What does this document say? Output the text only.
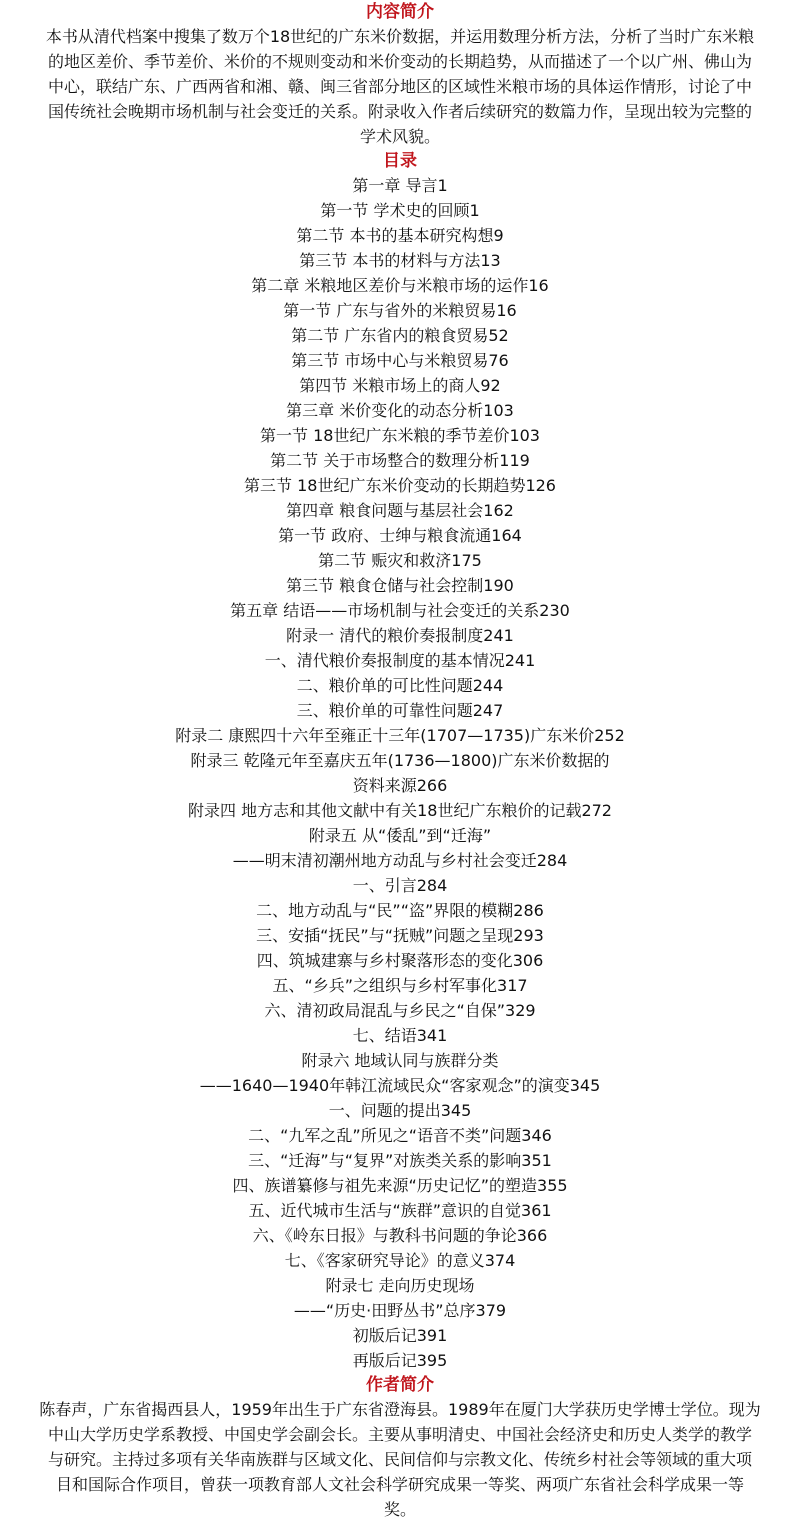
内容简介

本书从清代档案中搜集了数万个18世纪的广东米价数据，并运用数理分析方法，分析了当时广东米粮

的地区差价、季节差价、米价的不规则变动和米价变动的长期趋势，从而描述了一个以广州、佛山为

中心，联结广东、广西两省和湘、赣、闽三省部分地区的区域性米粮市场的具体运作情形，讨论了中

国传统社会晚期市场机制与社会变迁的关系。附录收入作者后续研究的数篇力作，呈现出较为完整的

学术风貌。

目录
第一章 导言1
第一节 学术史的回顾1
第二节 本书的基本研究构想9
第三节 本书的材料与方法13
第二章 米粮地区差价与米粮市场的运作16
第一节 广东与省外的米粮贸易16
第二节 广东省内的粮食贸易52
第三节 市场中心与米粮贸易76
第四节 米粮市场上的商人92
第三章 米价变化的动态分析103
第一节 18世纪广东米粮的季节差价103
第二节 关于市场整合的数理分析119
第三节 18世纪广东米价变动的长期趋势126
第四章 粮食问题与基层社会162
第一节 政府、士绅与粮食流通164
第二节 赈灾和救济175
第三节 粮食仓储与社会控制190
第五章 结语——市场机制与社会变迁的关系230
附录一 清代的粮价奏报制度241
一、清代粮价奏报制度的基本情况241
二、粮价单的可比性问题244
三、粮价单的可靠性问题247
附录二 康熙四十六年至雍正十三年(1707—1735)广东米价252
附录三 乾隆元年至嘉庆五年(1736—1800)广东米价数据的
资料来源266
附录四 地方志和其他文献中有关18世纪广东粮价的记载272
附录五 从“倭乱”到“迁海”
——明末清初潮州地方动乱与乡村社会变迁284
一、引言284
二、地方动乱与“民”“盗”界限的模糊286
三、安插“抚民”与“抚贼”问题之呈现293
四、筑城建寨与乡村聚落形态的变化306
五、“乡兵”之组织与乡村军事化317
六、清初政局混乱与乡民之“自保”329
七、结语341
附录六 地域认同与族群分类
——1640—1940年韩江流域民众“客家观念”的演变345
一、问题的提出345
二、“九军之乱”所见之“语音不类”问题346
三、“迁海”与“复界”对族类关系的影响351
四、族谱纂修与祖先来源“历史记忆”的塑造355
五、近代城市生活与“族群”意识的自觉361
六、《岭东日报》与教科书问题的争论366
七、《客家研究导论》的意义374
附录七 走向历史现场
——“历史·田野丛书”总序379
初版后记391
再版后记395
作者简介

陈春声，广东省揭西县人，1959年出生于广东省澄海县。1989年在厦门大学获历史学博士学位。现为

中山大学历史学系教授、中国史学会副会长。主要从事明清史、中国社会经济史和历史人类学的教学

与研究。主持过多项有关华南族群与区域文化、民间信仰与宗教文化、传统乡村社会等领域的重大项

目和国际合作项目，曾获一项教育部人文社会科学研究成果一等奖、两项广东省社会科学成果一等

奖。
